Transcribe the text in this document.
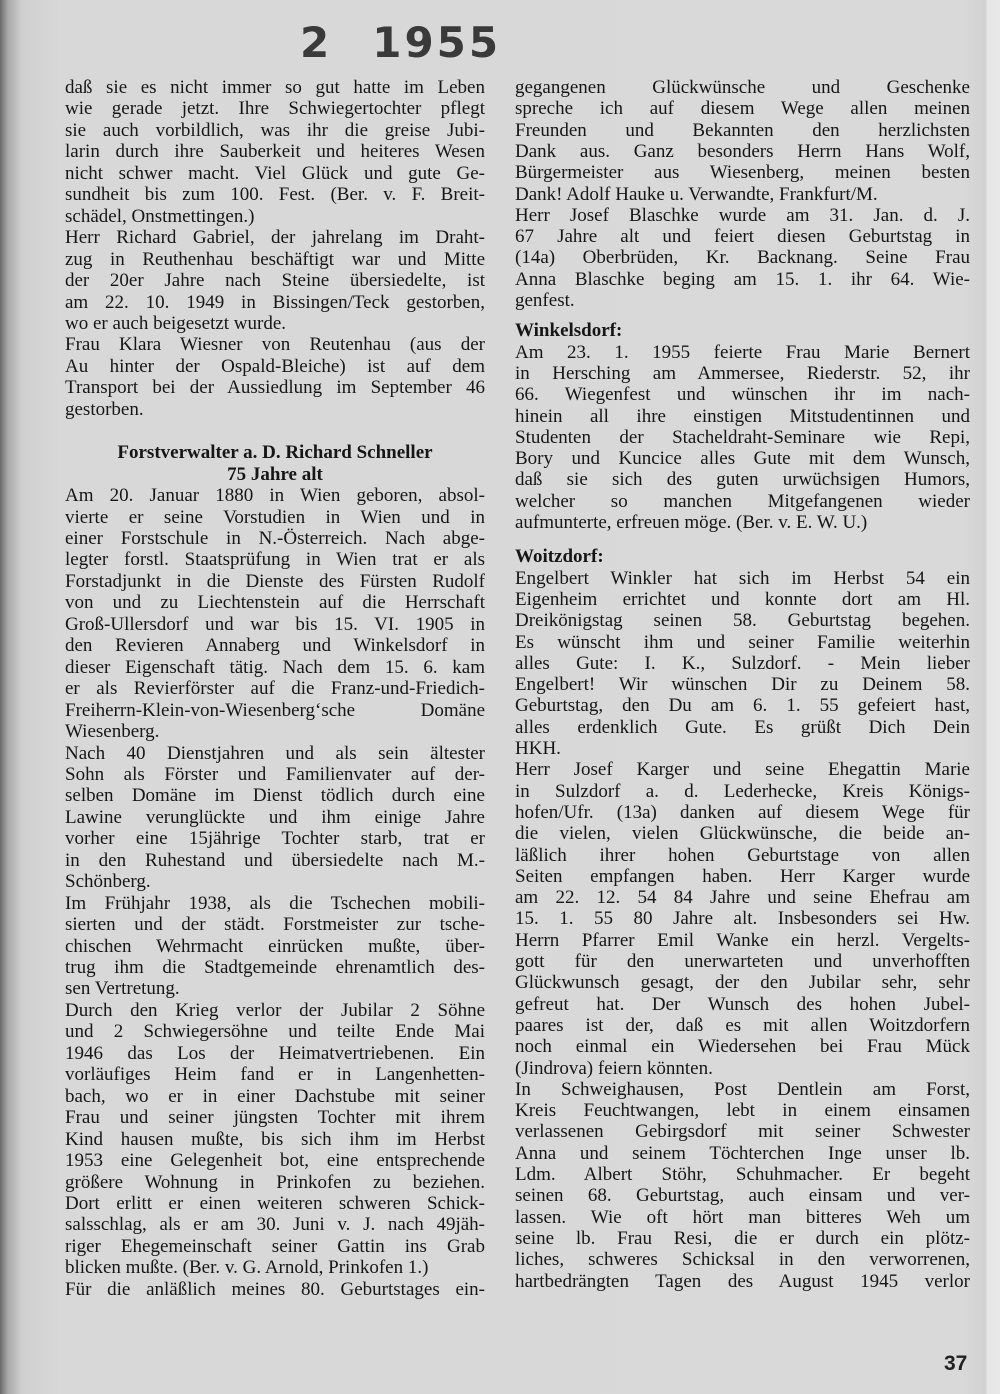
2 1955
daß sie es nicht immer so gut hatte im Leben
wie gerade jetzt. Ihre Schwiegertochter pflegt
sie auch vorbildlich, was ihr die greise Jubi-
larin durch ihre Sauberkeit und heiteres Wesen
nicht schwer macht. Viel Glück und gute Ge-
sundheit bis zum 100. Fest. (Ber. v. F. Breit-
schädel, Onstmettingen.)
Herr Richard Gabriel, der jahrelang im Draht-
zug in Reuthenhau beschäftigt war und Mitte
der 20er Jahre nach Steine übersiedelte, ist
am 22. 10. 1949 in Bissingen/Teck gestorben,
wo er auch beigesetzt wurde.
Frau Klara Wiesner von Reutenhau (aus der
Au hinter der Ospald-Bleiche) ist auf dem
Transport bei der Aussiedlung im September 46
gestorben.
Forstverwalter a. D. Richard Schneller
75 Jahre alt
Am 20. Januar 1880 in Wien geboren, absol-
vierte er seine Vorstudien in Wien und in
einer Forstschule in N.-Österreich. Nach abge-
legter forstl. Staatsprüfung in Wien trat er als
Forstadjunkt in die Dienste des Fürsten Rudolf
von und zu Liechtenstein auf die Herrschaft
Groß-Ullersdorf und war bis 15. VI. 1905 in
den Revieren Annaberg und Winkelsdorf in
dieser Eigenschaft tätig. Nach dem 15. 6. kam
er als Revierförster auf die Franz-und-Friedich-
Freiherrn-Klein-von-Wiesenberg‘sche Domäne
Wiesenberg.
Nach 40 Dienstjahren und als sein ältester
Sohn als Förster und Familienvater auf der-
selben Domäne im Dienst tödlich durch eine
Lawine verunglückte und ihm einige Jahre
vorher eine 15jährige Tochter starb, trat er
in den Ruhestand und übersiedelte nach M.-
Schönberg.
Im Frühjahr 1938, als die Tschechen mobili-
sierten und der städt. Forstmeister zur tsche-
chischen Wehrmacht einrücken mußte, über-
trug ihm die Stadtgemeinde ehrenamtlich des-
sen Vertretung.
Durch den Krieg verlor der Jubilar 2 Söhne
und 2 Schwiegersöhne und teilte Ende Mai
1946 das Los der Heimatvertriebenen. Ein
vorläufiges Heim fand er in Langenhetten-
bach, wo er in einer Dachstube mit seiner
Frau und seiner jüngsten Tochter mit ihrem
Kind hausen mußte, bis sich ihm im Herbst
1953 eine Gelegenheit bot, eine entsprechende
größere Wohnung in Prinkofen zu beziehen.
Dort erlitt er einen weiteren schweren Schick-
salsschlag, als er am 30. Juni v. J. nach 49jäh-
riger Ehegemeinschaft seiner Gattin ins Grab
blicken mußte. (Ber. v. G. Arnold, Prinkofen 1.)
Für die anläßlich meines 80. Geburtstages ein-
gegangenen Glückwünsche und Geschenke
spreche ich auf diesem Wege allen meinen
Freunden und Bekannten den herzlichsten
Dank aus. Ganz besonders Herrn Hans Wolf,
Bürgermeister aus Wiesenberg, meinen besten
Dank! Adolf Hauke u. Verwandte, Frankfurt/M.
Herr Josef Blaschke wurde am 31. Jan. d. J.
67 Jahre alt und feiert diesen Geburtstag in
(14a) Oberbrüden, Kr. Backnang. Seine Frau
Anna Blaschke beging am 15. 1. ihr 64. Wie-
genfest.
Winkelsdorf:
Am 23. 1. 1955 feierte Frau Marie Bernert
in Hersching am Ammersee, Riederstr. 52, ihr
66. Wiegenfest und wünschen ihr im nach-
hinein all ihre einstigen Mitstudentinnen und
Studenten der Stacheldraht-Seminare wie Repi,
Bory und Kuncice alles Gute mit dem Wunsch,
daß sie sich des guten urwüchsigen Humors,
welcher so manchen Mitgefangenen wieder
aufmunterte, erfreuen möge. (Ber. v. E. W. U.)
Woitzdorf:
Engelbert Winkler hat sich im Herbst 54 ein
Eigenheim errichtet und konnte dort am Hl.
Dreikönigstag seinen 58. Geburtstag begehen.
Es wünscht ihm und seiner Familie weiterhin
alles Gute: I. K., Sulzdorf. - Mein lieber
Engelbert! Wir wünschen Dir zu Deinem 58.
Geburtstag, den Du am 6. 1. 55 gefeiert hast,
alles erdenklich Gute. Es grüßt Dich Dein
HKH.
Herr Josef Karger und seine Ehegattin Marie
in Sulzdorf a. d. Lederhecke, Kreis Königs-
hofen/Ufr. (13a) danken auf diesem Wege für
die vielen, vielen Glückwünsche, die beide an-
läßlich ihrer hohen Geburtstage von allen
Seiten empfangen haben. Herr Karger wurde
am 22. 12. 54 84 Jahre und seine Ehefrau am
15. 1. 55 80 Jahre alt. Insbesonders sei Hw.
Herrn Pfarrer Emil Wanke ein herzl. Vergelts-
gott für den unerwarteten und unverhofften
Glückwunsch gesagt, der den Jubilar sehr, sehr
gefreut hat. Der Wunsch des hohen Jubel-
paares ist der, daß es mit allen Woitzdorfern
noch einmal ein Wiedersehen bei Frau Mück
(Jindrova) feiern könnten.
In Schweighausen, Post Dentlein am Forst,
Kreis Feuchtwangen, lebt in einem einsamen
verlassenen Gebirgsdorf mit seiner Schwester
Anna und seinem Töchterchen Inge unser lb.
Ldm. Albert Stöhr, Schuhmacher. Er begeht
seinen 68. Geburtstag, auch einsam und ver-
lassen. Wie oft hört man bitteres Weh um
seine lb. Frau Resi, die er durch ein plötz-
liches, schweres Schicksal in den verworrenen,
hartbedrängten Tagen des August 1945 verlor
37
